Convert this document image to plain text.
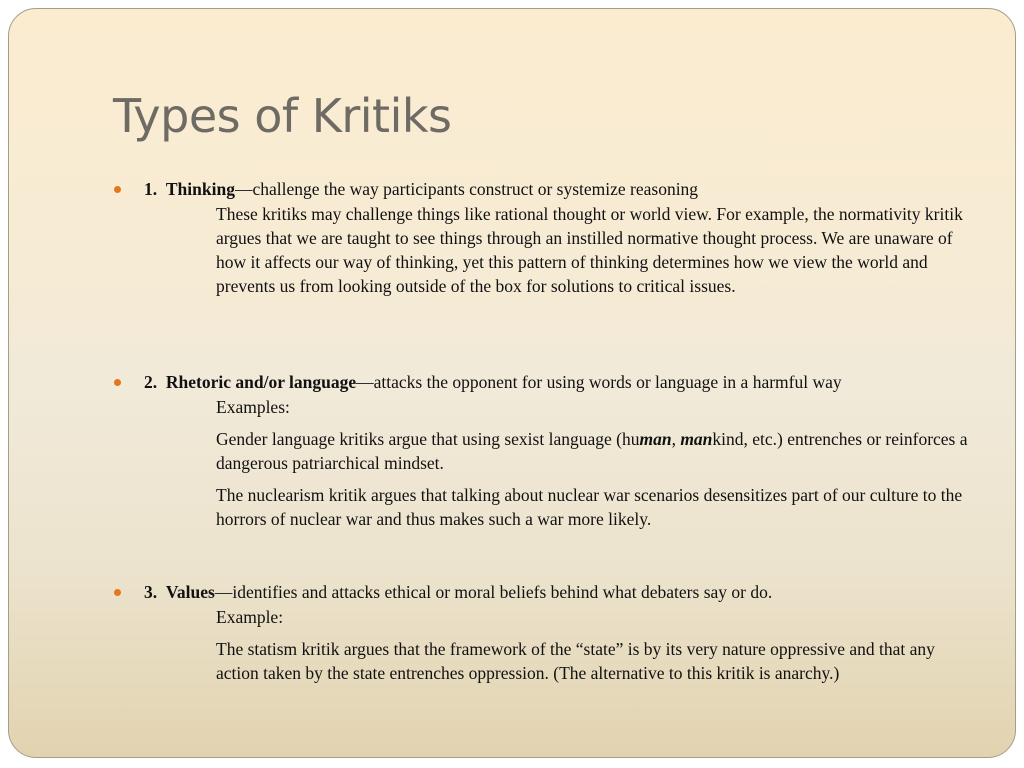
Types of Kritiks
1. Thinking—challenge the way participants construct or systemize reasoning
These kritiks may challenge things like rational thought or world view. For example, the normativity kritik argues that we are taught to see things through an instilled normative thought process. We are unaware of how it affects our way of thinking, yet this pattern of thinking determines how we view the world and prevents us from looking outside of the box for solutions to critical issues.
2. Rhetoric and/or language—attacks the opponent for using words or language in a harmful way
Examples:
Gender language kritiks argue that using sexist language (human, mankind, etc.) entrenches or reinforces a dangerous patriarchical mindset.
The nuclearism kritik argues that talking about nuclear war scenarios desensitizes part of our culture to the horrors of nuclear war and thus makes such a war more likely.
3. Values—identifies and attacks ethical or moral beliefs behind what debaters say or do.
Example:
The statism kritik argues that the framework of the “state” is by its very nature oppressive and that any action taken by the state entrenches oppression. (The alternative to this kritik is anarchy.)
